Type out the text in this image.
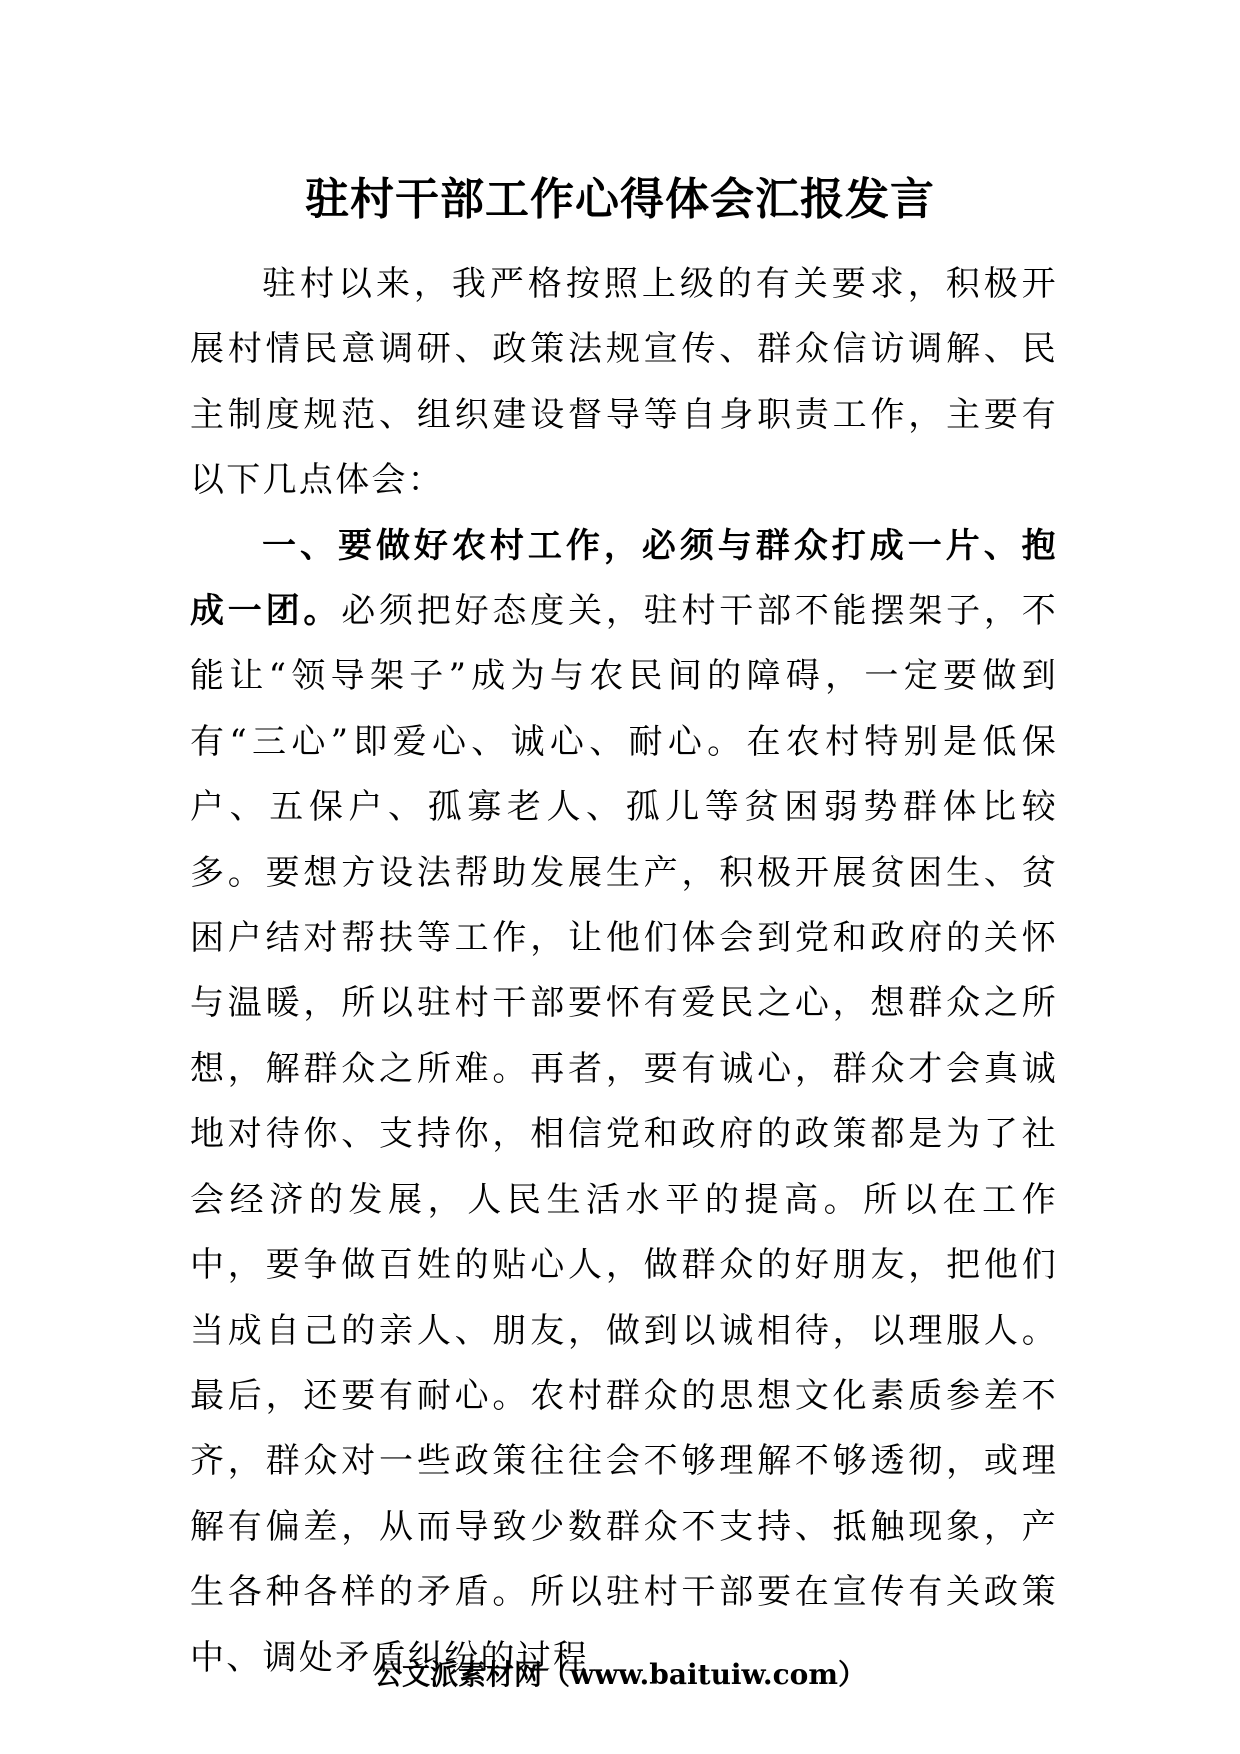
驻村干部工作心得体会汇报发言

驻村以来，我严格按照上级的有关要求，积极开展村情民意调研、政策法规宣传、群众信访调解、民主制度规范、组织建设督导等自身职责工作，主要有以下几点体会：

一、要做好农村工作，必须与群众打成一片、抱成一团。必须把好态度关，驻村干部不能摆架子，不能让“领导架子”成为与农民间的障碍，一定要做到有“三心”即爱心、诚心、耐心。在农村特别是低保户、五保户、孤寡老人、孤儿等贫困弱势群体比较多。要想方设法帮助发展生产，积极开展贫困生、贫困户结对帮扶等工作，让他们体会到党和政府的关怀与温暖，所以驻村干部要怀有爱民之心，想群众之所想，解群众之所难。再者，要有诚心，群众才会真诚地对待你、支持你，相信党和政府的政策都是为了社会经济的发展，人民生活水平的提高。所以在工作中，要争做百姓的贴心人，做群众的好朋友，把他们当成自己的亲人、朋友，做到以诚相待，以理服人。最后，还要有耐心。农村群众的思想文化素质参差不齐，群众对一些政策往往会不够理解不够透彻，或理解有偏差，从而导致少数群众不支持、抵触现象，产生各种各样的矛盾。所以驻村干部要在宣传有关政策中、调处矛盾纠纷的过程

公文派素材网（www.baituiw.com）
